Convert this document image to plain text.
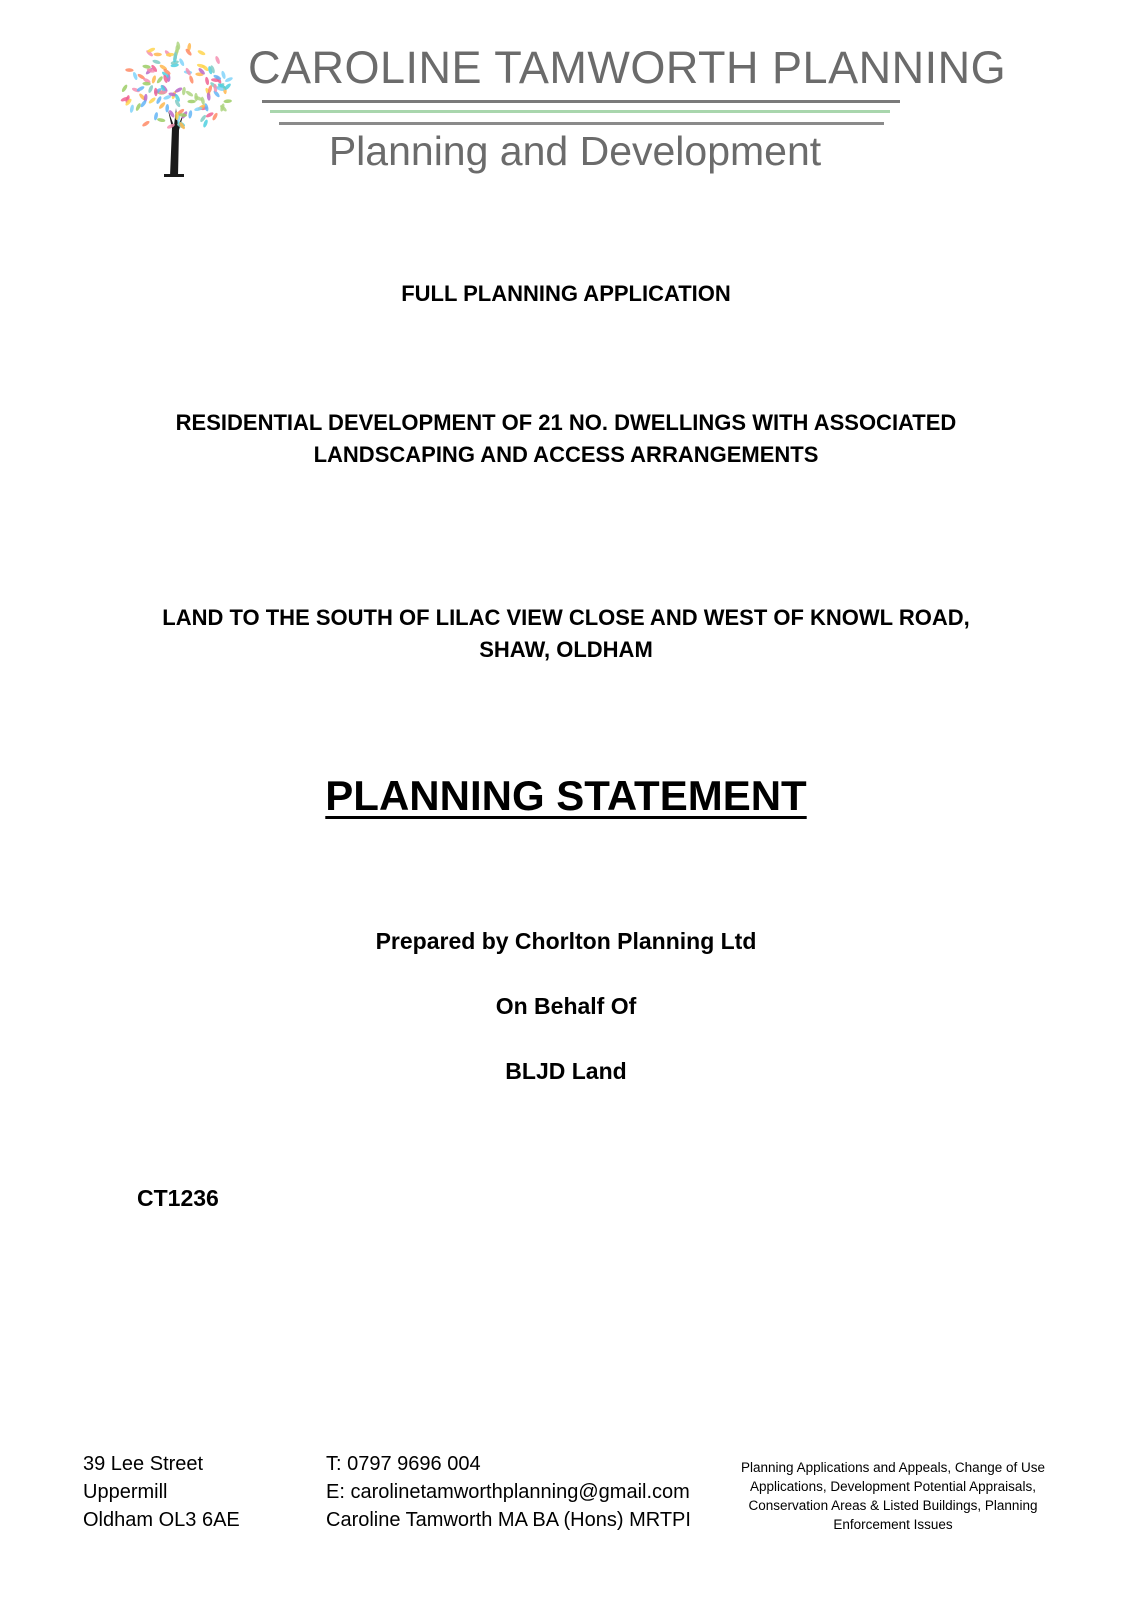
CAROLINE TAMWORTH PLANNING
Planning and Development
FULL PLANNING APPLICATION
RESIDENTIAL DEVELOPMENT OF 21 NO. DWELLINGS WITH ASSOCIATED
LANDSCAPING AND ACCESS ARRANGEMENTS
LAND TO THE SOUTH OF LILAC VIEW CLOSE AND WEST OF KNOWL ROAD,
SHAW, OLDHAM
PLANNING STATEMENT
Prepared by Chorlton Planning Ltd
On Behalf Of
BLJD Land
CT1236
39 Lee Street
Uppermill
Oldham OL3 6AE
T: 0797 9696 004
E: carolinetamworthplanning@gmail.com
Caroline Tamworth MA BA (Hons) MRTPI
Planning Applications and Appeals, Change of Use
Applications, Development Potential Appraisals,
Conservation Areas & Listed Buildings, Planning
Enforcement Issues
